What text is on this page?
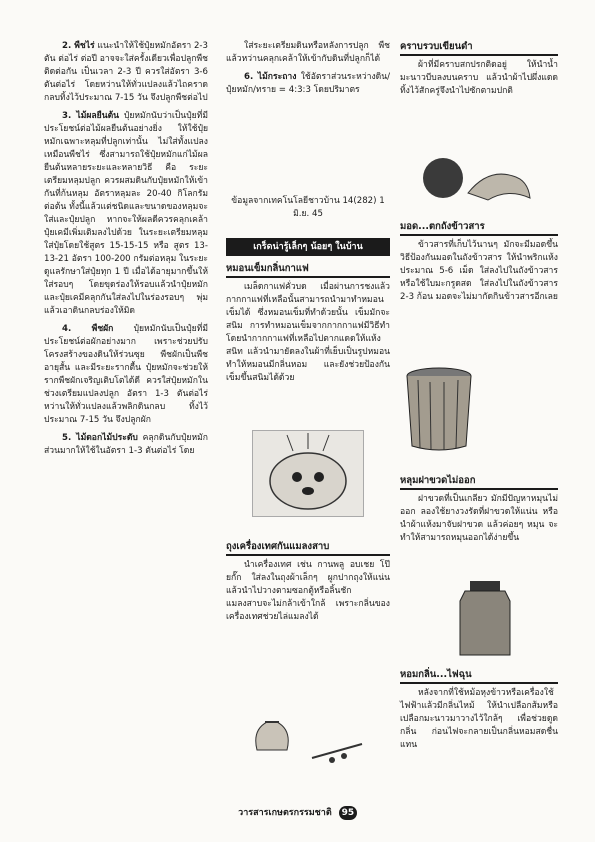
2. พืชไร่ แนะนำให้ใช้ปุ๋ยหมักอัตรา 2-3 ตัน ต่อไร่ ต่อปี อาจจะใส่ครั้งเดียวเพื่อปลูกพืชติดต่อกัน เป็นเวลา 2-3 ปี ควรใส่อัตรา 3-6 ตันต่อไร่ โดยหว่านให้ทั่วแปลงแล้วไถคราดกลบทิ้งไว้ประมาณ 7-15 วัน จึงปลูกพืชต่อไป

3. ไม้ผลยืนต้น ปุ๋ยหมักนับว่าเป็นปุ๋ยที่มีประโยชน์ต่อไม้ผลยืนต้นอย่างยิ่ง ให้ใช้ปุ๋ยหมักเฉพาะหลุมที่ปลูกเท่านั้น ไม่ใส่ทั้งแปลงเหมือนพืชไร่ ซึ่งสามารถใช้ปุ๋ยหมักแก่ไม้ผลยืนต้นหลายระยะและหลายวิธี คือ ระยะเตรียมหลุมปลูก ควรผสมดินกับปุ๋ยหมักให้เข้ากันที่ก้นหลุม อัตราหลุมละ 20-40 กิโลกรัม ต่อต้น ทั้งนี้แล้วแต่ชนิดและขนาดของหลุมจะใส่และปุ๋ยปลูก หากจะให้ผลดีควรคลุกเคล้าปุ๋ยเคมีเพิ่มเติมลงไปด้วย ในระยะเตรียมหลุมใส่ปุ๋ยโดยใช้สูตร 15-15-15 หรือ สูตร 13-13-21 อัตรา 100-200 กรัมต่อหลุม ในระยะดูแลรักษาใส่ปุ๋ยทุก 1 ปี เมื่อได้อายุมากขึ้นให้ใส่รอบๆ โดยขุดร่องให้รอบแล้วนำปุ๋ยหมักและปุ๋ยเคมีคลุกกันใส่ลงไปในร่องรอบๆ พุ่ม แล้วเอาดินกลบร่องให้มิด

4. พืชผัก ปุ๋ยหมักนับเป็นปุ๋ยที่มีประโยชน์ต่อผักอย่างมาก เพราะช่วยปรับโครงสร้างของดินให้ร่วนซุย พืชผักเป็นพืชอายุสั้น และมีระยะรากตื้น ปุ๋ยหมักจะช่วยให้รากพืชผักเจริญเติบโตได้ดี ควรใส่ปุ๋ยหมักในช่วงเตรียมแปลงปลูก อัตรา 1-3 ตันต่อไร่ หว่านให้ทั่วแปลงแล้วพลิกดินกลบ ทิ้งไว้ประมาณ 7-15 วัน จึงปลูกผัก

5. ไม้ดอกไม้ประดับ คลุกดินกับปุ๋ยหมักส่วนมากให้ใช้ในอัตรา 1-3 ตันต่อไร่ โดย

ใส่ระยะเตรียมดินหรือหลังการปลูก พืชแล้วหว่านคลุกเคล้าให้เข้ากับดินที่ปลูกก็ได้

6. ไม้กระถาง ใช้อัตราส่วนระหว่างดิน/ปุ๋ยหมัก/ทราย = 4:3:3 โดยปริมาตร

ข้อมูลจากเทคโนโลยีชาวบ้าน 14(282) 1 มิ.ย. 45
เกร็ดน่ารู้เล็กๆ น้อยๆ ในบ้าน
หมอนเข็มกลิ่นกาแฟ
เมล็ดกาแฟคั่วบด เมื่อผ่านการชงแล้ว กากกาแฟที่เหลือนั้นสามารถนำมาทำหมอนเข็มได้ ซึ่งหมอนเข็มที่ทำด้วยนั้น เข็มมักจะสนิม การทำหมอนเข็มจากกากกาแฟมีวิธีทำโดยนำกากกาแฟที่เหลือไปตากแดดให้แห้งสนิท แล้วนำมายัดลงในผ้าที่เย็บเป็นรูปหมอน ทำให้หมอนมีกลิ่นหอม และยังช่วยป้องกันเข็มขึ้นสนิมได้ด้วย
ถุงเครื่องเทศกันแมลงสาบ
นำเครื่องเทศ เช่น กานพลู อบเชย โป๊ยกั๊ก ใส่ลงในถุงผ้าเล็กๆ ผูกปากถุงให้แน่น แล้วนำไปวางตามซอกตู้หรือลิ้นชัก แมลงสาบจะไม่กล้าเข้าใกล้ เพราะกลิ่นของเครื่องเทศช่วยไล่แมลงได้
คราบรวบเขียนดำ
ผ้าที่มีคราบสกปรกติดอยู่ ให้นำน้ำมะนาวบีบลงบนคราบ แล้วนำผ้าไปผึ่งแดด ทิ้งไว้สักครู่จึงนำไปซักตามปกติ
มอด...ตกถังข้าวสาร
ข้าวสารที่เก็บไว้นานๆ มักจะมีมอดขึ้น วิธีป้องกันมอดในถังข้าวสาร ให้นำพริกแห้งประมาณ 5-6 เม็ด ใส่ลงไปในถังข้าวสาร หรือใช้ใบมะกรูดสด ใส่ลงไปในถังข้าวสาร 2-3 ก้อน มอดจะไม่มากัดกินข้าวสารอีกเลย
หลุมฝาขวดไม่ออก
ฝาขวดที่เป็นเกลียว มักมีปัญหาหมุนไม่ออก ลองใช้ยางวงรัดที่ฝาขวดให้แน่น หรือนำผ้าแห้งมาจับฝาขวด แล้วค่อยๆ หมุน จะทำให้สามารถหมุนออกได้ง่ายขึ้น
หอมกลิ่น...ไฟฉุน
หลังจากที่ใช้หม้อหุงข้าวหรือเครื่องใช้ไฟฟ้าแล้วมีกลิ่นไหม้ ให้นำเปลือกส้มหรือเปลือกมะนาวมาวางไว้ใกล้ๆ เพื่อช่วยดูดกลิ่น ก่อนไฟจะกลายเป็นกลิ่นหอมสดชื่นแทน
วารสารเกษตรกรรมชาติ 95
